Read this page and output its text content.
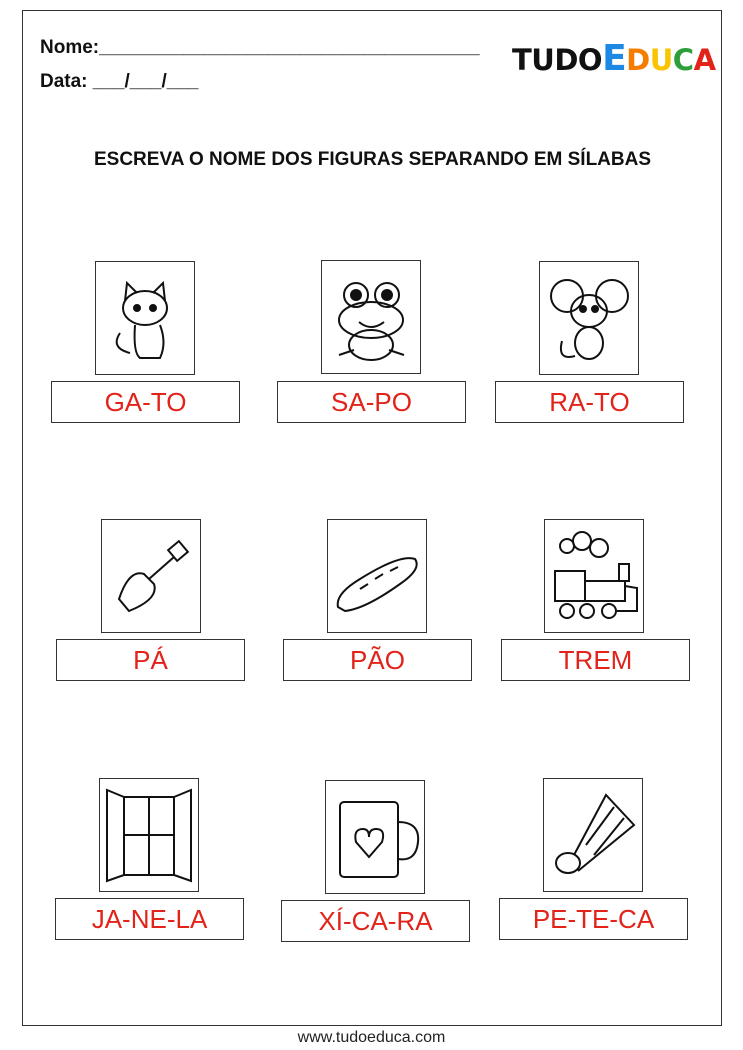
Nome:____________________________________
Data: ___/___/___
TUDOEDUCA
ESCREVA O NOME DOS FIGURAS SEPARANDO EM SÍLABAS
GA-TO	SA-PO	RA-TO
PÁ	PÃO	TREM
JA-NE-LA	XÍ-CA-RA	PE-TE-CA
www.tudoeduca.com
